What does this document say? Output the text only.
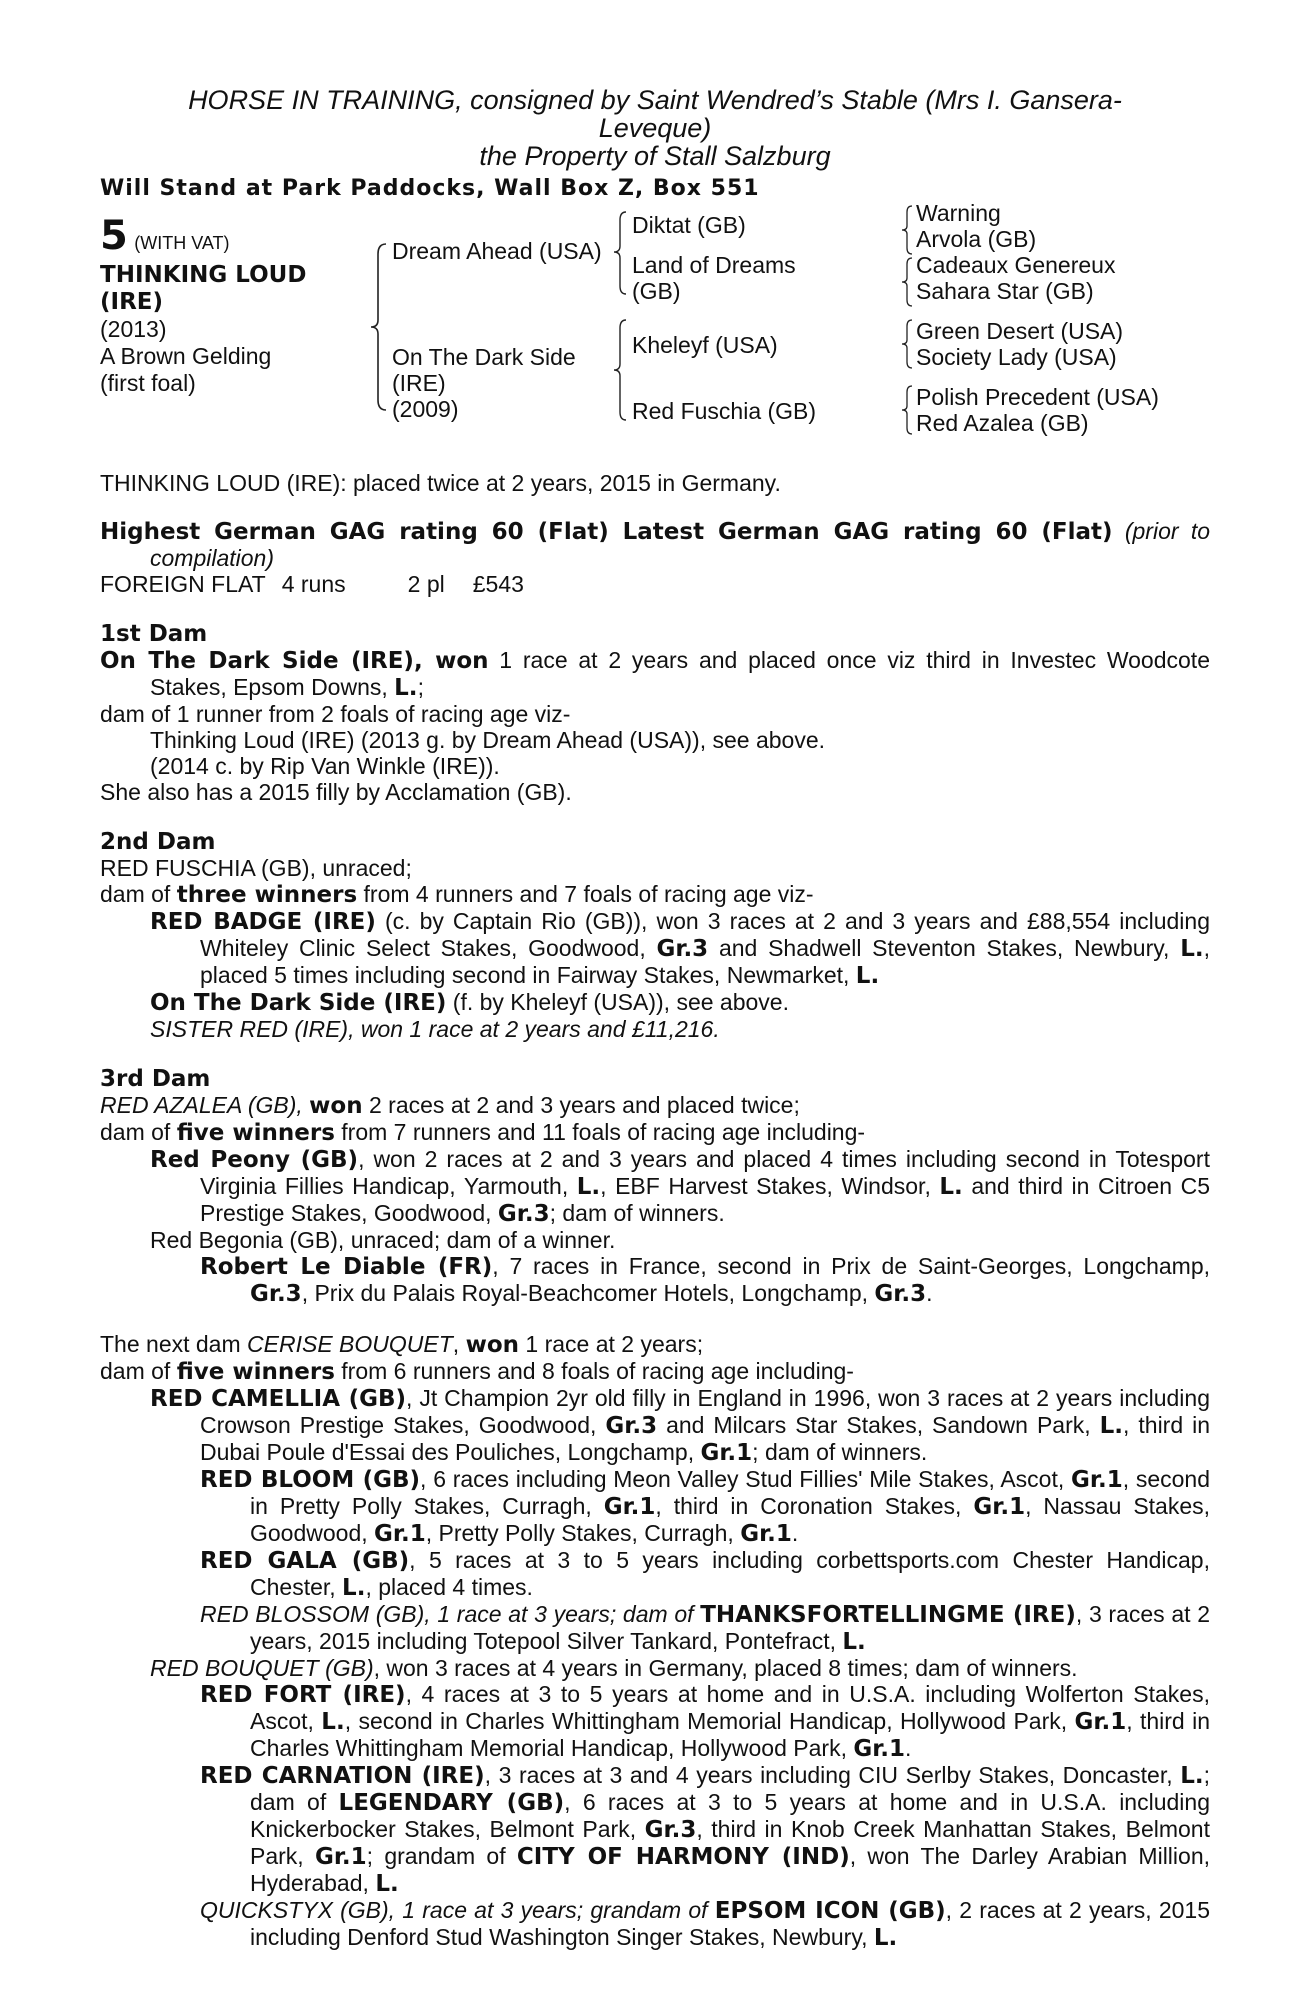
HORSE IN TRAINING, consigned by Saint Wendred’s Stable (Mrs I. Gansera-
Leveque)
the Property of Stall Salzburg
Will Stand at Park Paddocks, Wall Box Z, Box 551
5 (WITH VAT)
THINKING LOUD
(IRE)
(2013)
A Brown Gelding
(first foal)
Dream Ahead (USA)
On The Dark Side
(IRE)
(2009)
Diktat (GB)
Land of Dreams
(GB)
Kheleyf (USA)
Red Fuschia (GB)
Warning
Arvola (GB)
Cadeaux Genereux
Sahara Star (GB)
Green Desert (USA)
Society Lady (USA)
Polish Precedent (USA)
Red Azalea (GB)

THINKING LOUD (IRE): placed twice at 2 years, 2015 in Germany.

Highest German GAG rating 60 (Flat) Latest German GAG rating 60 (Flat) (prior to compilation)

FOREIGN FLAT 4 runs	2 pl £543

1st Dam

On The Dark Side (IRE), won 1 race at 2 years and placed once viz third in Investec Woodcote Stakes, Epsom Downs, L.;

dam of 1 runner from 2 foals of racing age viz-

Thinking Loud (IRE) (2013 g. by Dream Ahead (USA)), see above.

(2014 c. by Rip Van Winkle (IRE)).

She also has a 2015 filly by Acclamation (GB).

2nd Dam

RED FUSCHIA (GB), unraced;

dam of three winners from 4 runners and 7 foals of racing age viz-

RED BADGE (IRE) (c. by Captain Rio (GB)), won 3 races at 2 and 3 years and £88,554 including Whiteley Clinic Select Stakes, Goodwood, Gr.3 and Shadwell Steventon Stakes, Newbury, L., placed 5 times including second in Fairway Stakes, Newmarket, L.

On The Dark Side (IRE) (f. by Kheleyf (USA)), see above.

SISTER RED (IRE), won 1 race at 2 years and £11,216.

3rd Dam

RED AZALEA (GB), won 2 races at 2 and 3 years and placed twice;

dam of five winners from 7 runners and 11 foals of racing age including-

Red Peony (GB), won 2 races at 2 and 3 years and placed 4 times including second in Totesport Virginia Fillies Handicap, Yarmouth, L., EBF Harvest Stakes, Windsor, L. and third in Citroen C5 Prestige Stakes, Goodwood, Gr.3; dam of winners.

Red Begonia (GB), unraced; dam of a winner.

Robert Le Diable (FR), 7 races in France, second in Prix de Saint-Georges, Longchamp, Gr.3, Prix du Palais Royal-Beachcomer Hotels, Longchamp, Gr.3.

The next dam CERISE BOUQUET, won 1 race at 2 years;

dam of five winners from 6 runners and 8 foals of racing age including-

RED CAMELLIA (GB), Jt Champion 2yr old filly in England in 1996, won 3 races at 2 years including Crowson Prestige Stakes, Goodwood, Gr.3 and Milcars Star Stakes, Sandown Park, L., third in Dubai Poule d'Essai des Pouliches, Longchamp, Gr.1; dam of winners.

RED BLOOM (GB), 6 races including Meon Valley Stud Fillies' Mile Stakes, Ascot, Gr.1, second in Pretty Polly Stakes, Curragh, Gr.1, third in Coronation Stakes, Gr.1, Nassau Stakes, Goodwood, Gr.1, Pretty Polly Stakes, Curragh, Gr.1.

RED GALA (GB), 5 races at 3 to 5 years including corbettsports.com Chester Handicap, Chester, L., placed 4 times.

RED BLOSSOM (GB), 1 race at 3 years; dam of THANKSFORTELLINGME (IRE), 3 races at 2 years, 2015 including Totepool Silver Tankard, Pontefract, L.

RED BOUQUET (GB), won 3 races at 4 years in Germany, placed 8 times; dam of winners.

RED FORT (IRE), 4 races at 3 to 5 years at home and in U.S.A. including Wolferton Stakes, Ascot, L., second in Charles Whittingham Memorial Handicap, Hollywood Park, Gr.1, third in Charles Whittingham Memorial Handicap, Hollywood Park, Gr.1.

RED CARNATION (IRE), 3 races at 3 and 4 years including CIU Serlby Stakes, Doncaster, L.; dam of LEGENDARY (GB), 6 races at 3 to 5 years at home and in U.S.A. including Knickerbocker Stakes, Belmont Park, Gr.3, third in Knob Creek Manhattan Stakes, Belmont Park, Gr.1; grandam of CITY OF HARMONY (IND), won The Darley Arabian Million, Hyderabad, L.

QUICKSTYX (GB), 1 race at 3 years; grandam of EPSOM ICON (GB), 2 races at 2 years, 2015 including Denford Stud Washington Singer Stakes, Newbury, L.
